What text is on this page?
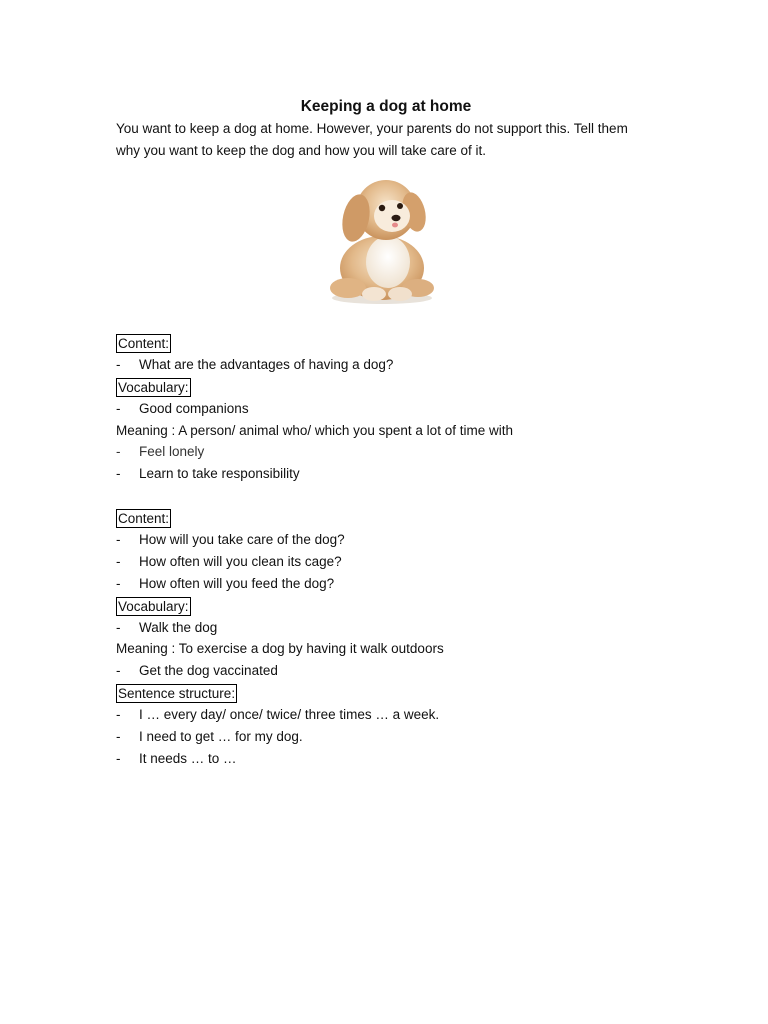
Keeping a dog at home

You want to keep a dog at home. However, your parents do not support this. Tell them why you want to keep the dog and how you will take care of it.

Content:
- What are the advantages of having a dog?
Vocabulary:
- Good companions
Meaning : A person/ animal who/ which you spent a lot of time with
- Feel lonely
- Learn to take responsibility
Content:
- How will you take care of the dog?
- How often will you clean its cage?
- How often will you feed the dog?
Vocabulary:
- Walk the dog
Meaning : To exercise a dog by having it walk outdoors
- Get the dog vaccinated
Sentence structure:
- I … every day/ once/ twice/ three times … a week.
- I need to get … for my dog.
- It needs … to …
